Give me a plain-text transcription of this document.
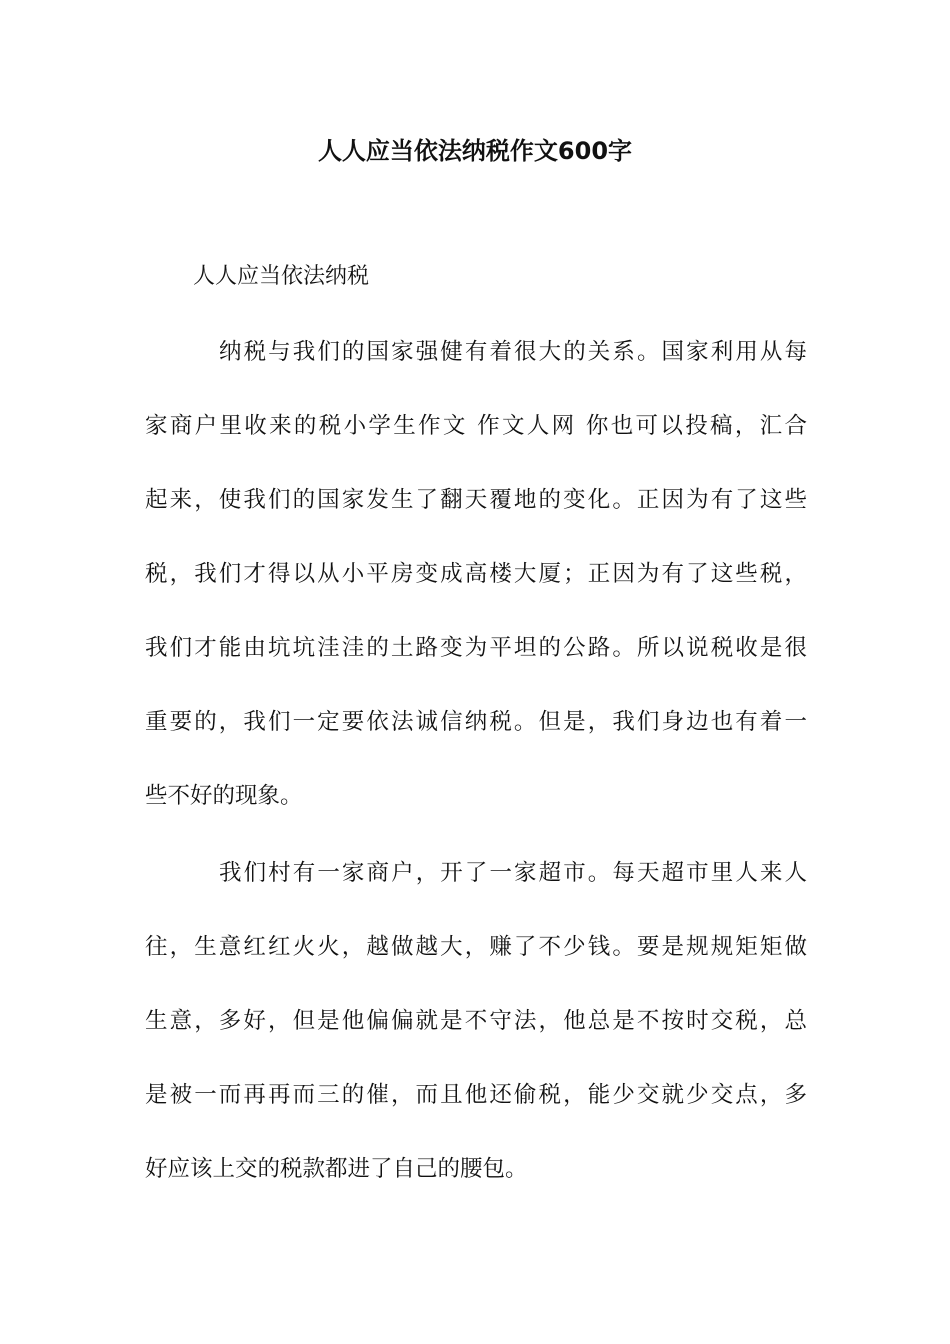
人人应当依法纳税作文600字

人人应当依法纳税

纳税与我们的国家强健有着很大的关系。国家利用从每
家商户里收来的税小学生作文 作文人网 你也可以投稿，汇合
起来，使我们的国家发生了翻天覆地的变化。正因为有了这些
税，我们才得以从小平房变成高楼大厦；正因为有了这些税，
我们才能由坑坑洼洼的土路变为平坦的公路。所以说税收是很
重要的，我们一定要依法诚信纳税。但是，我们身边也有着一
些不好的现象。
我们村有一家商户，开了一家超市。每天超市里人来人
往，生意红红火火，越做越大，赚了不少钱。要是规规矩矩做
生意，多好，但是他偏偏就是不守法，他总是不按时交税，总
是被一而再再而三的催，而且他还偷税，能少交就少交点，多
好应该上交的税款都进了自己的腰包。
